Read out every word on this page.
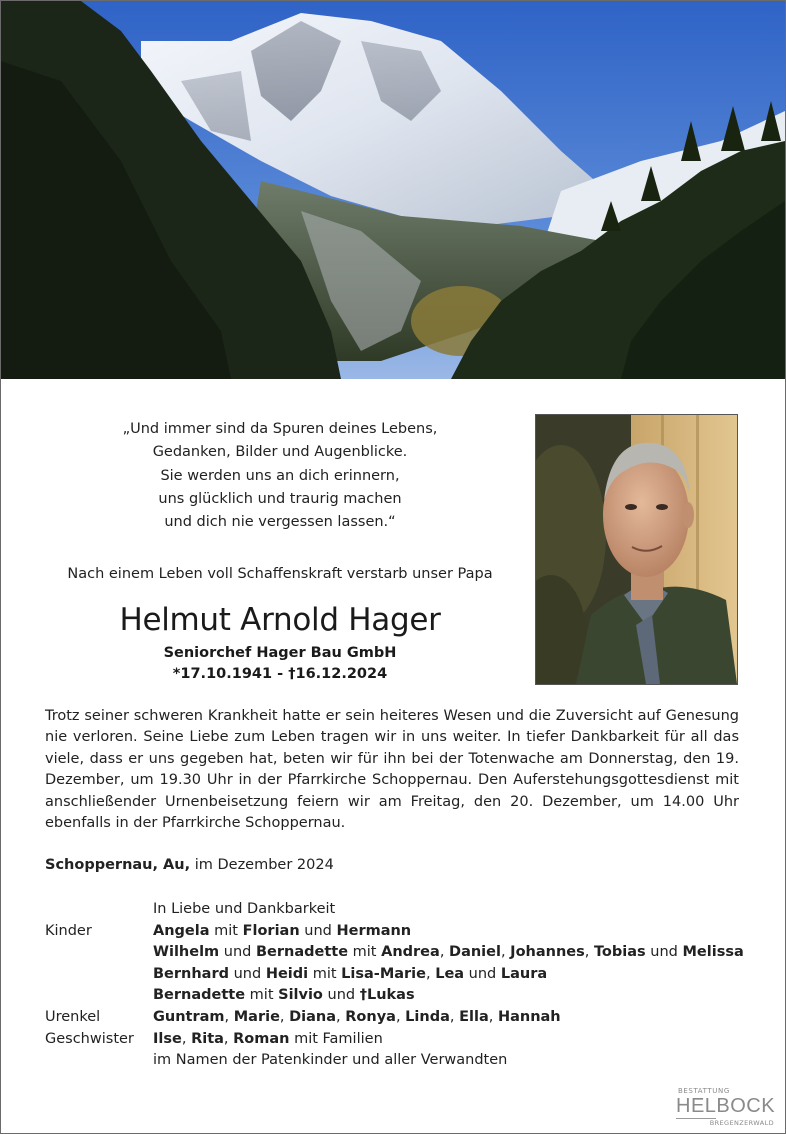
„Und immer sind da Spuren deines Lebens,
Gedanken, Bilder und Augenblicke.
Sie werden uns an dich erinnern,
uns glücklich und traurig machen
und dich nie vergessen lassen.“
Nach einem Leben voll Schaffenskraft verstarb unser Papa
Helmut Arnold Hager
Seniorchef Hager Bau GmbH
*17.10.1941 - †16.12.2024

Trotz seiner schweren Krankheit hatte er sein heiteres Wesen und die Zuversicht auf Genesung nie verloren. Seine Liebe zum Leben tragen wir in uns weiter. In tiefer Dankbarkeit für all das viele, dass er uns gegeben hat, beten wir für ihn bei der Totenwache am Donnerstag, den 19. Dezember, um 19.30 Uhr in der Pfarrkirche Schoppernau. Den Auferstehungsgottesdienst mit anschließender Urnenbeisetzung feiern wir am Freitag, den 20. Dezember, um 14.00 Uhr ebenfalls in der Pfarrkirche Schoppernau.

Schoppernau, Au, im Dezember 2024
In Liebe und Dankbarkeit
Kinder	Angela mit Florian und Hermann
Wilhelm und Bernadette mit Andrea, Daniel, Johannes, Tobias und Melissa
Bernhard und Heidi mit Lisa-Marie, Lea und Laura
Bernadette mit Silvio und †Lukas
Urenkel	Guntram, Marie, Diana, Ronya, Linda, Ella, Hannah
Geschwister	Ilse, Rita, Roman mit Familien
im Namen der Patenkinder und aller Verwandten
BESTATTUNG
HELBOCK
BREGENZERWALD
